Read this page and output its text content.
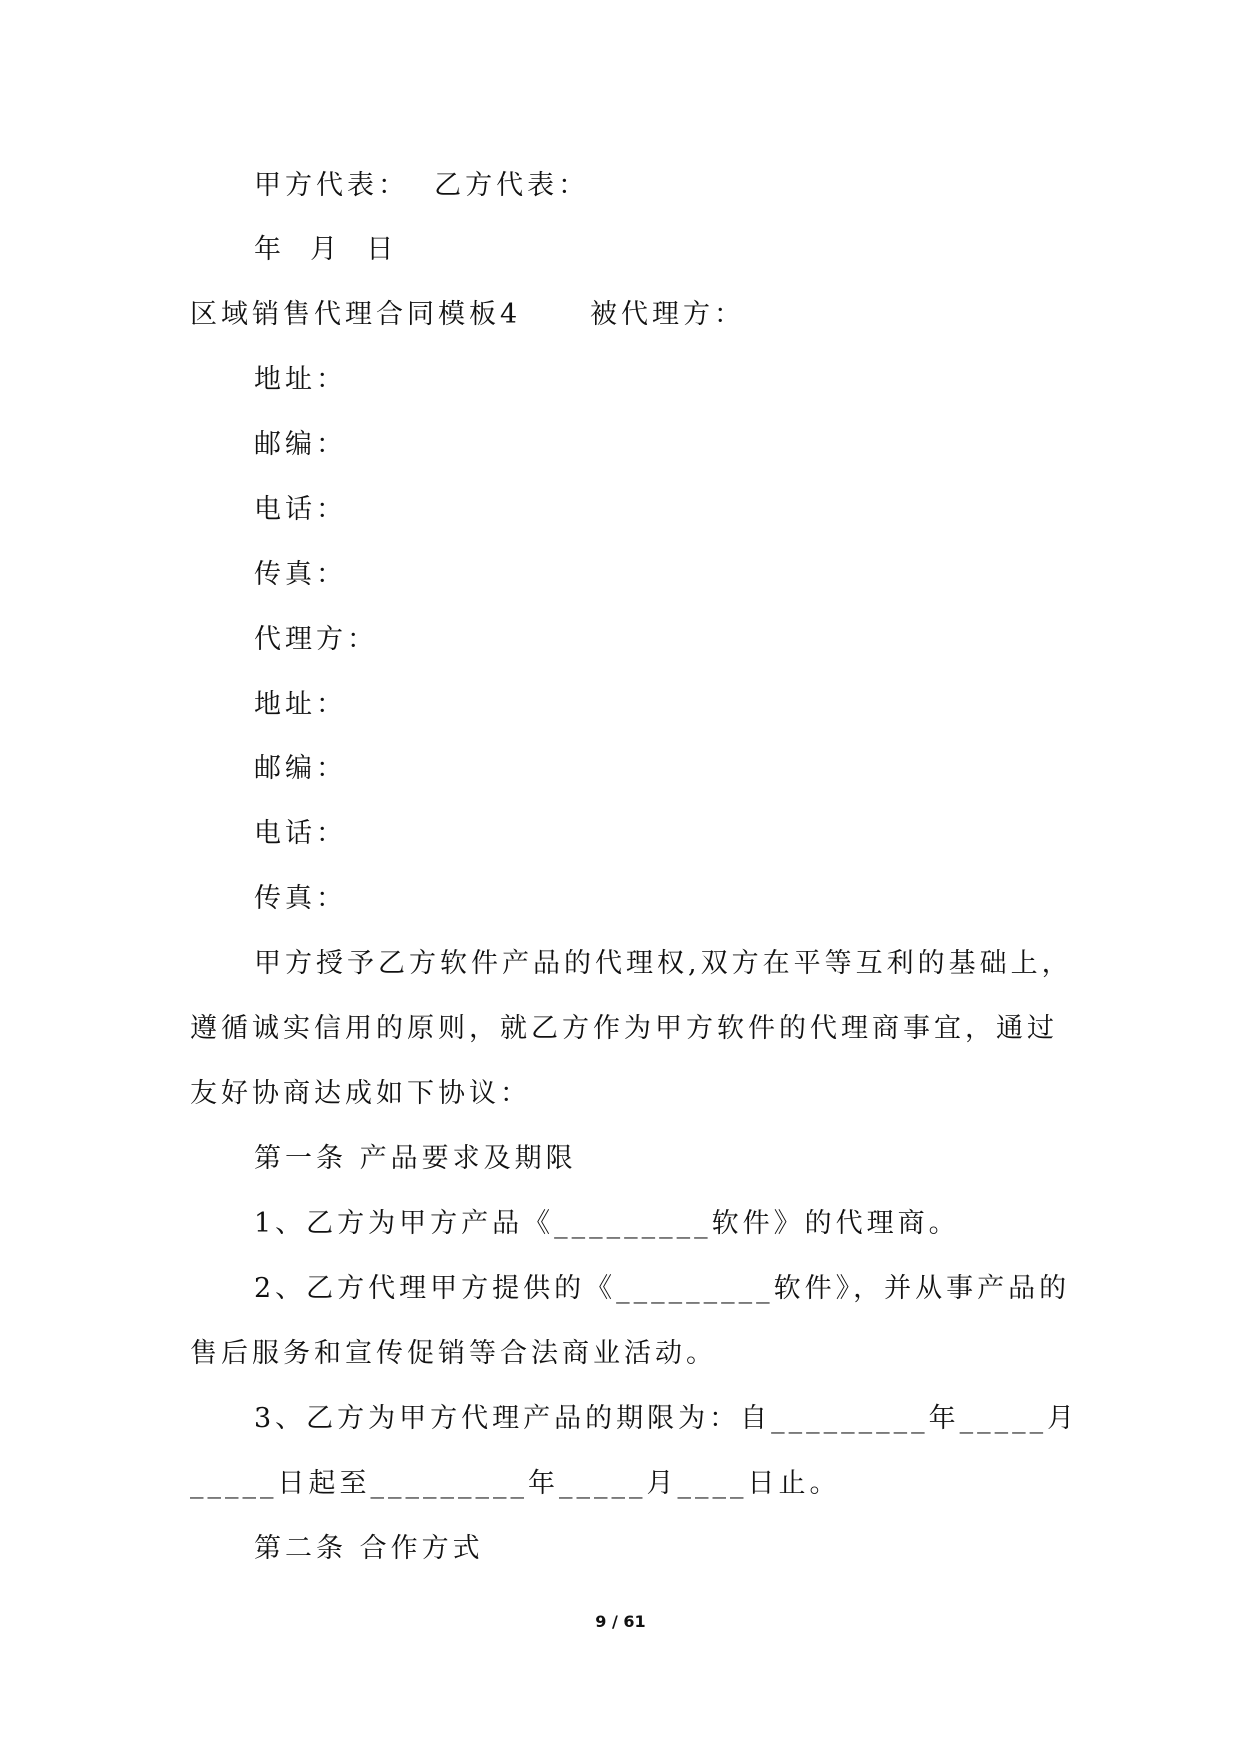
甲方代表：  乙方代表：
年  月  日
区域销售代理合同模板4	被代理方：
地址：
邮编：
电话：
传真：
代理方：
地址：
邮编：
电话：
传真：
甲方授予乙方软件产品的代理权,双方在平等互利的基础上，
遵循诚实信用的原则，就乙方作为甲方软件的代理商事宜，通过
友好协商达成如下协议：
第一条 产品要求及期限
1、乙方为甲方产品《_________软件》的代理商。
2、乙方代理甲方提供的《_________软件》，并从事产品的
售后服务和宣传促销等合法商业活动。
3、乙方为甲方代理产品的期限为：自_________年_____月
_____日起至_________年_____月____日止。
第二条 合作方式
9 / 61
